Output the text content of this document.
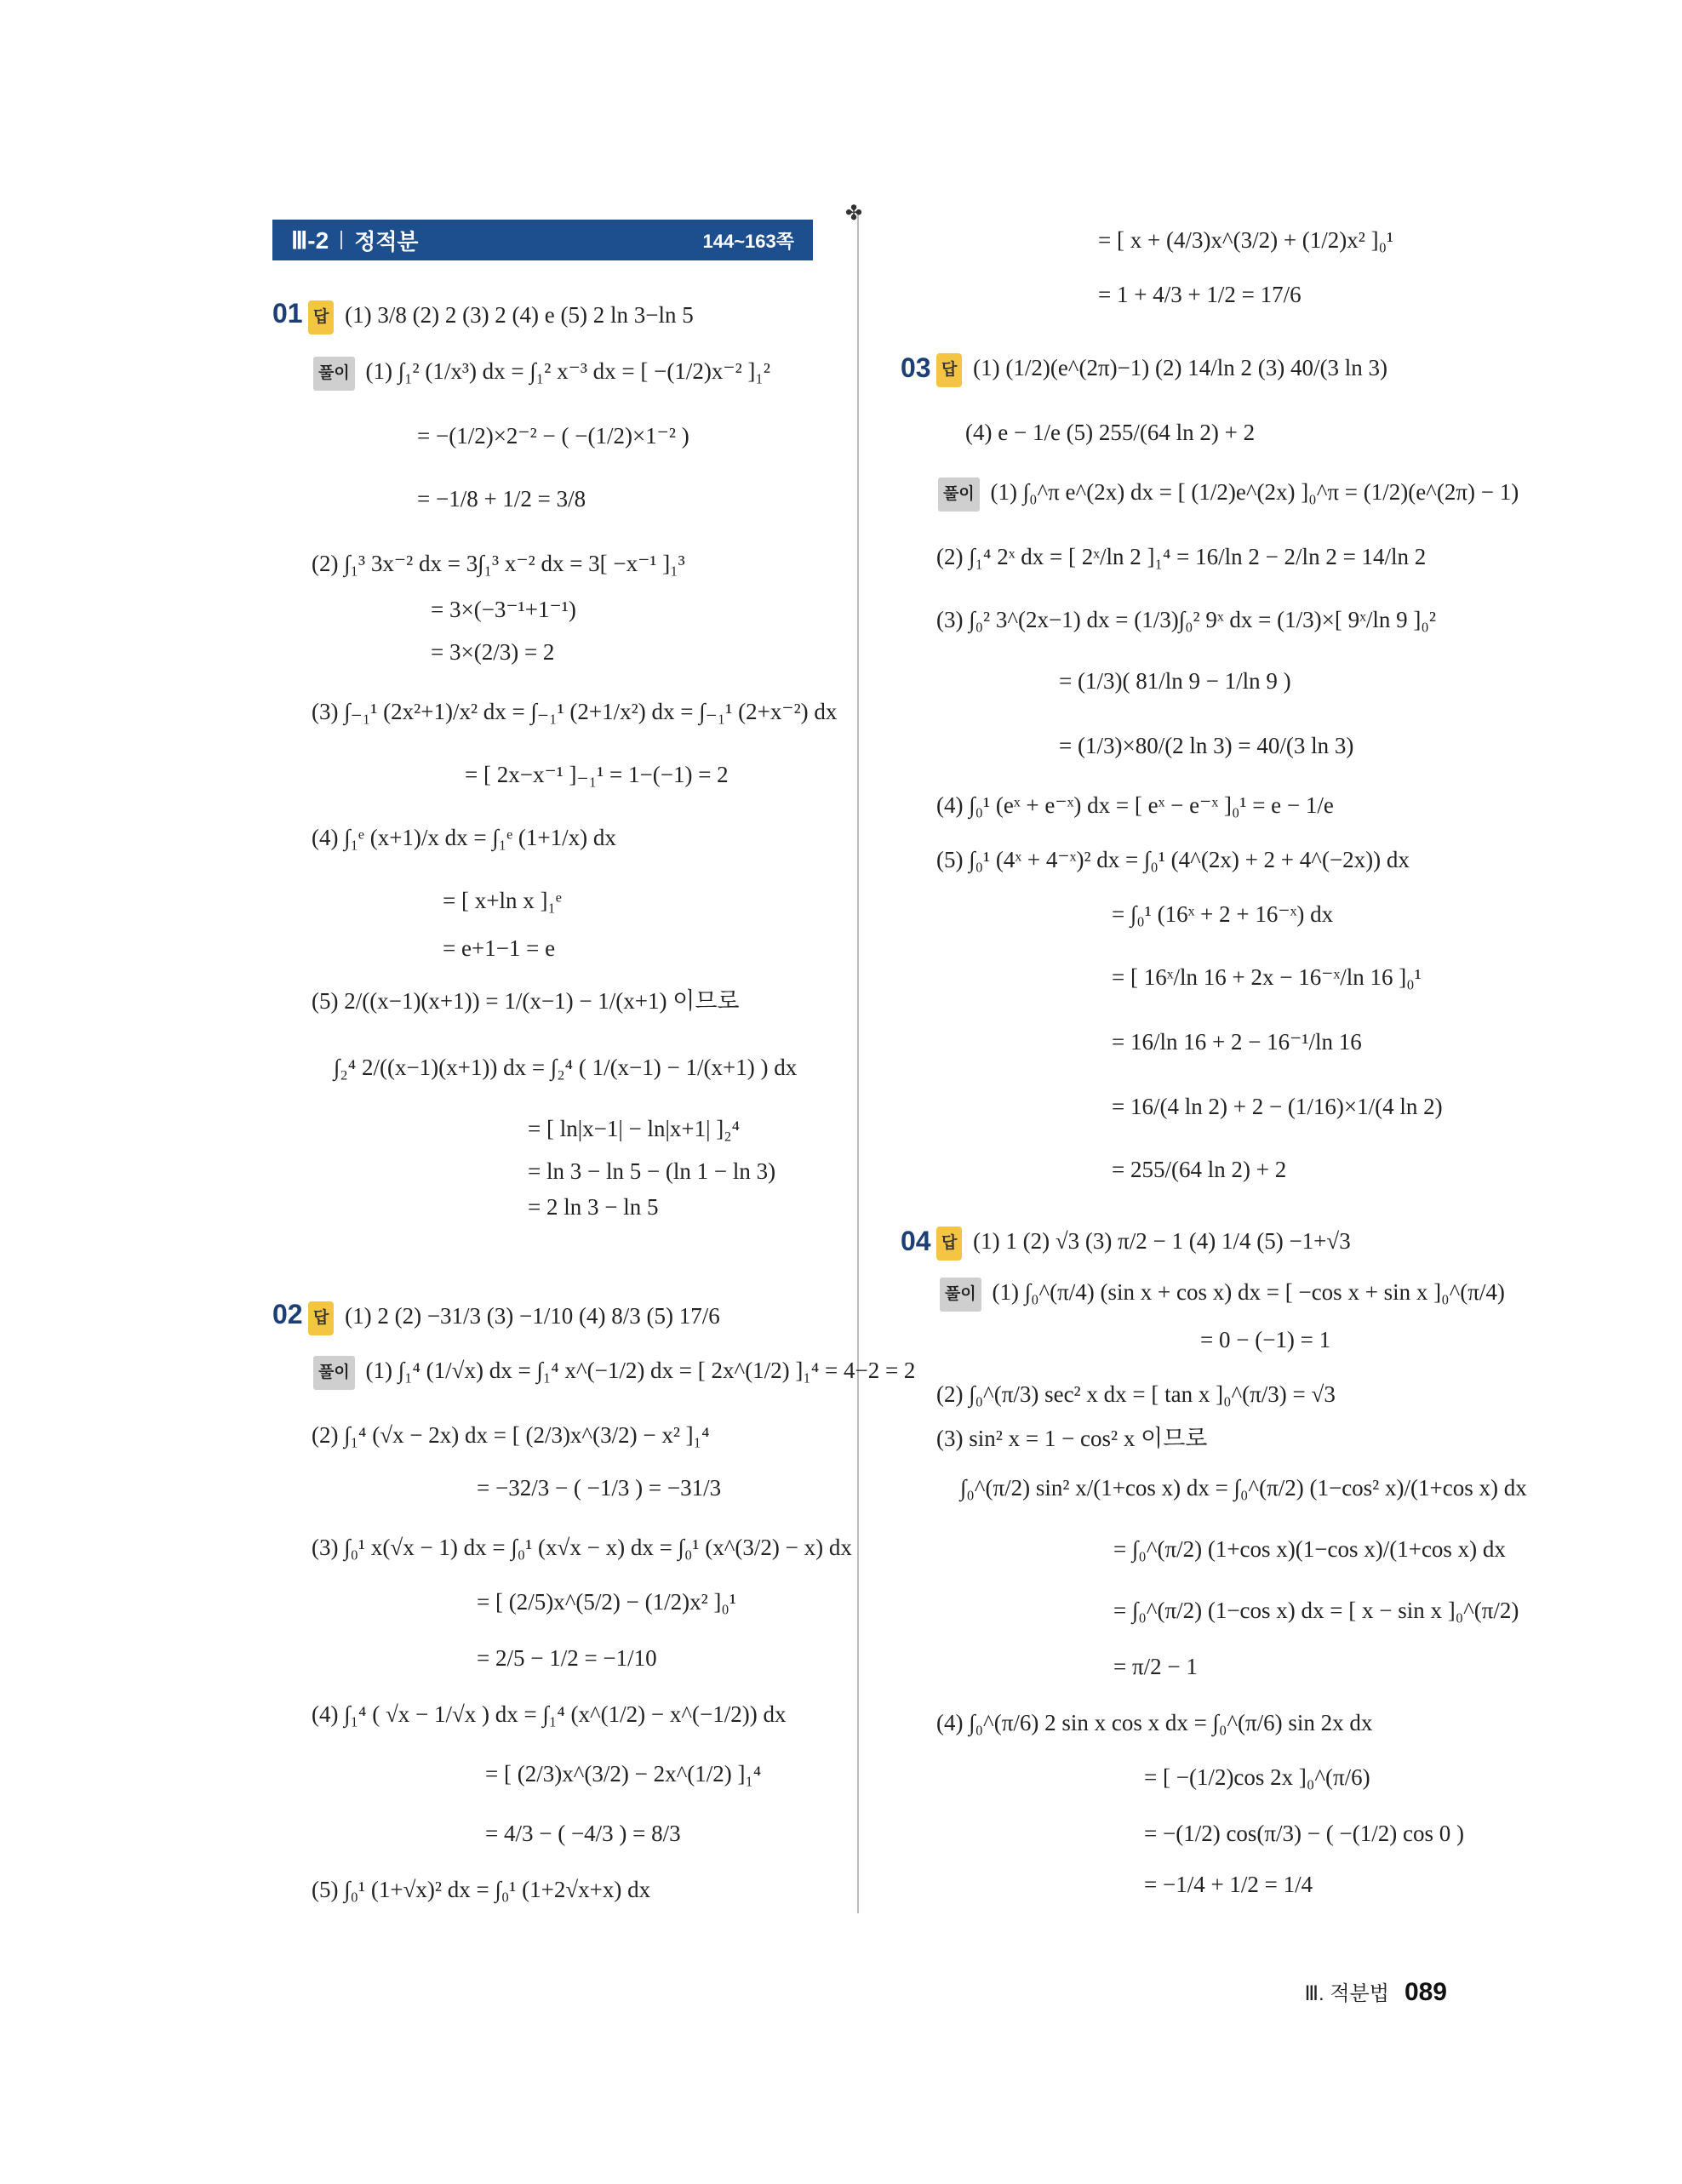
Ⅲ-2 정적분	144~163쪽
✤
01 답 (1) 3/8 (2) 2 (3) 2 (4) e (5) 2 ln 3−ln 5
풀이 (1) ∫₁² (1/x³) dx = ∫₁² x⁻³ dx = [ −(1/2)x⁻² ]₁²
= −(1/2)×2⁻² − ( −(1/2)×1⁻² )
= −1/8 + 1/2 = 3/8
(2) ∫₁³ 3x⁻² dx = 3∫₁³ x⁻² dx = 3[ −x⁻¹ ]₁³
= 3×(−3⁻¹+1⁻¹)
= 3×(2/3) = 2
(3) ∫₋₁¹ (2x²+1)/x² dx = ∫₋₁¹ (2+1/x²) dx = ∫₋₁¹ (2+x⁻²) dx
= [ 2x−x⁻¹ ]₋₁¹ = 1−(−1) = 2
(4) ∫₁ᵉ (x+1)/x dx = ∫₁ᵉ (1+1/x) dx
= [ x+ln x ]₁ᵉ
= e+1−1 = e
(5) 2/((x−1)(x+1)) = 1/(x−1) − 1/(x+1) 이므로
∫₂⁴ 2/((x−1)(x+1)) dx = ∫₂⁴ ( 1/(x−1) − 1/(x+1) ) dx
= [ ln|x−1| − ln|x+1| ]₂⁴
= ln 3 − ln 5 − (ln 1 − ln 3)
= 2 ln 3 − ln 5
02 답 (1) 2 (2) −31/3 (3) −1/10 (4) 8/3 (5) 17/6
풀이 (1) ∫₁⁴ (1/√x) dx = ∫₁⁴ x^(−1/2) dx = [ 2x^(1/2) ]₁⁴ = 4−2 = 2
(2) ∫₁⁴ (√x − 2x) dx = [ (2/3)x^(3/2) − x² ]₁⁴
= −32/3 − ( −1/3 ) = −31/3
(3) ∫₀¹ x(√x − 1) dx = ∫₀¹ (x√x − x) dx = ∫₀¹ (x^(3/2) − x) dx
= [ (2/5)x^(5/2) − (1/2)x² ]₀¹
= 2/5 − 1/2 = −1/10
(4) ∫₁⁴ ( √x − 1/√x ) dx = ∫₁⁴ (x^(1/2) − x^(−1/2)) dx
= [ (2/3)x^(3/2) − 2x^(1/2) ]₁⁴
= 4/3 − ( −4/3 ) = 8/3
(5) ∫₀¹ (1+√x)² dx = ∫₀¹ (1+2√x+x) dx
= [ x + (4/3)x^(3/2) + (1/2)x² ]₀¹
= 1 + 4/3 + 1/2 = 17/6
03 답 (1) (1/2)(e^(2π)−1) (2) 14/ln 2 (3) 40/(3 ln 3)
(4) e − 1/e (5) 255/(64 ln 2) + 2
풀이 (1) ∫₀^π e^(2x) dx = [ (1/2)e^(2x) ]₀^π = (1/2)(e^(2π) − 1)
(2) ∫₁⁴ 2ˣ dx = [ 2ˣ/ln 2 ]₁⁴ = 16/ln 2 − 2/ln 2 = 14/ln 2
(3) ∫₀² 3^(2x−1) dx = (1/3)∫₀² 9ˣ dx = (1/3)×[ 9ˣ/ln 9 ]₀²
= (1/3)( 81/ln 9 − 1/ln 9 )
= (1/3)×80/(2 ln 3) = 40/(3 ln 3)
(4) ∫₀¹ (eˣ + e⁻ˣ) dx = [ eˣ − e⁻ˣ ]₀¹ = e − 1/e
(5) ∫₀¹ (4ˣ + 4⁻ˣ)² dx = ∫₀¹ (4^(2x) + 2 + 4^(−2x)) dx
= ∫₀¹ (16ˣ + 2 + 16⁻ˣ) dx
= [ 16ˣ/ln 16 + 2x − 16⁻ˣ/ln 16 ]₀¹
= 16/ln 16 + 2 − 16⁻¹/ln 16
= 16/(4 ln 2) + 2 − (1/16)×1/(4 ln 2)
= 255/(64 ln 2) + 2
04 답 (1) 1 (2) √3 (3) π/2 − 1 (4) 1/4 (5) −1+√3
풀이 (1) ∫₀^(π/4) (sin x + cos x) dx = [ −cos x + sin x ]₀^(π/4)
= 0 − (−1) = 1
(2) ∫₀^(π/3) sec² x dx = [ tan x ]₀^(π/3) = √3
(3) sin² x = 1 − cos² x 이므로
∫₀^(π/2) sin² x/(1+cos x) dx = ∫₀^(π/2) (1−cos² x)/(1+cos x) dx
= ∫₀^(π/2) (1+cos x)(1−cos x)/(1+cos x) dx
= ∫₀^(π/2) (1−cos x) dx = [ x − sin x ]₀^(π/2)
= π/2 − 1
(4) ∫₀^(π/6) 2 sin x cos x dx = ∫₀^(π/6) sin 2x dx
= [ −(1/2)cos 2x ]₀^(π/6)
= −(1/2) cos(π/3) − ( −(1/2) cos 0 )
= −1/4 + 1/2 = 1/4
Ⅲ. 적분법 089
